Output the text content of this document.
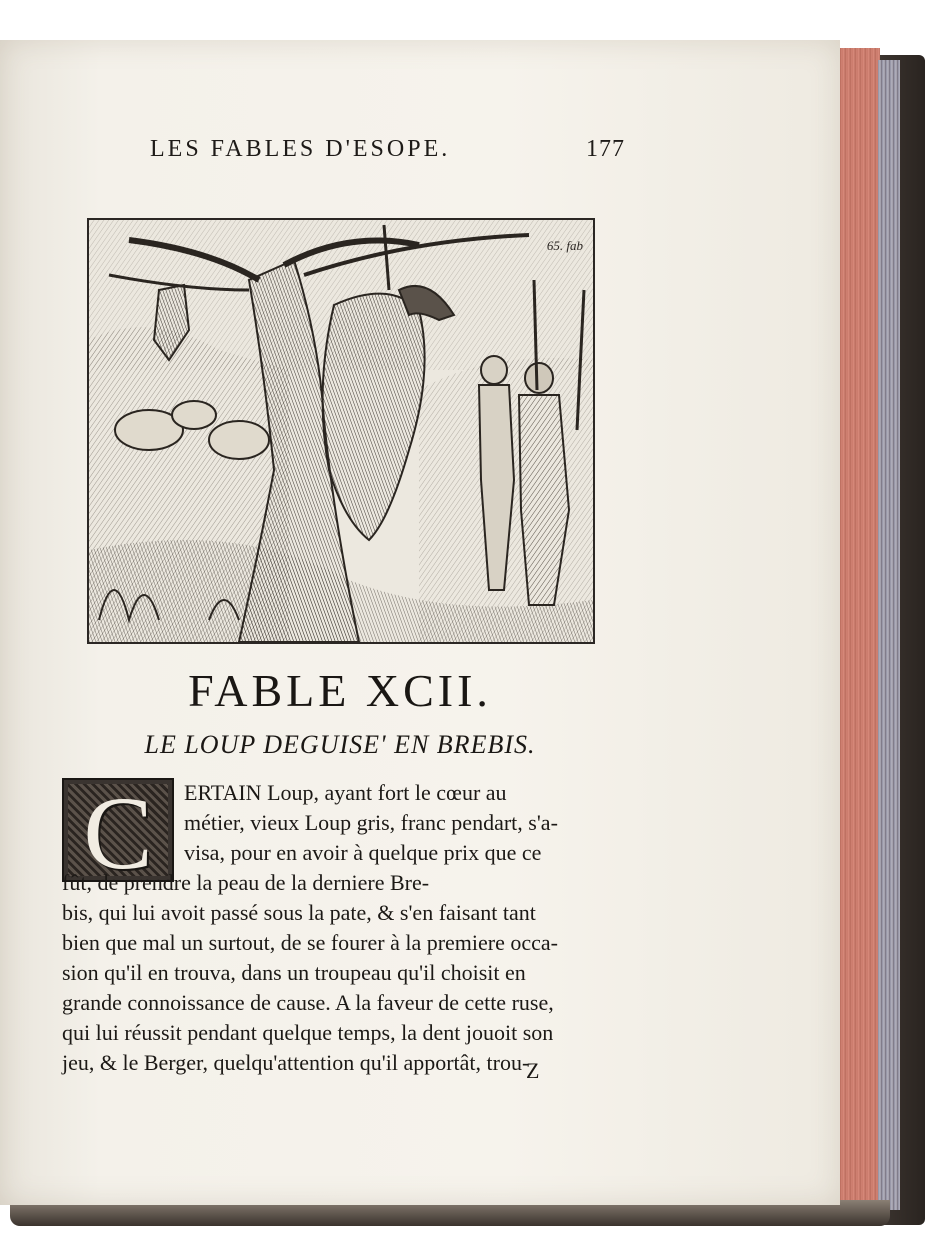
LES FABLES D'ESOPE.	177
65. fab
FABLE XCII.
LE LOUP DEGUISE' EN BREBIS.
C	ERTAIN Loup, ayant fort le cœur au
métier, vieux Loup gris, franc pendart, s'a-
visa, pour en avoir à quelque prix que ce
fût, de prendre la peau de la derniere Bre-
bis, qui lui avoit passé sous la pate, & s'en faisant tant
bien que mal un surtout, de se fourer à la premiere occa-
sion qu'il en trouva, dans un troupeau qu'il choisit en
grande connoissance de cause. A la faveur de cette ruse,
qui lui réussit pendant quelque temps, la dent jouoit son
jeu, & le Berger, quelqu'attention qu'il apportât, trou-
Z
